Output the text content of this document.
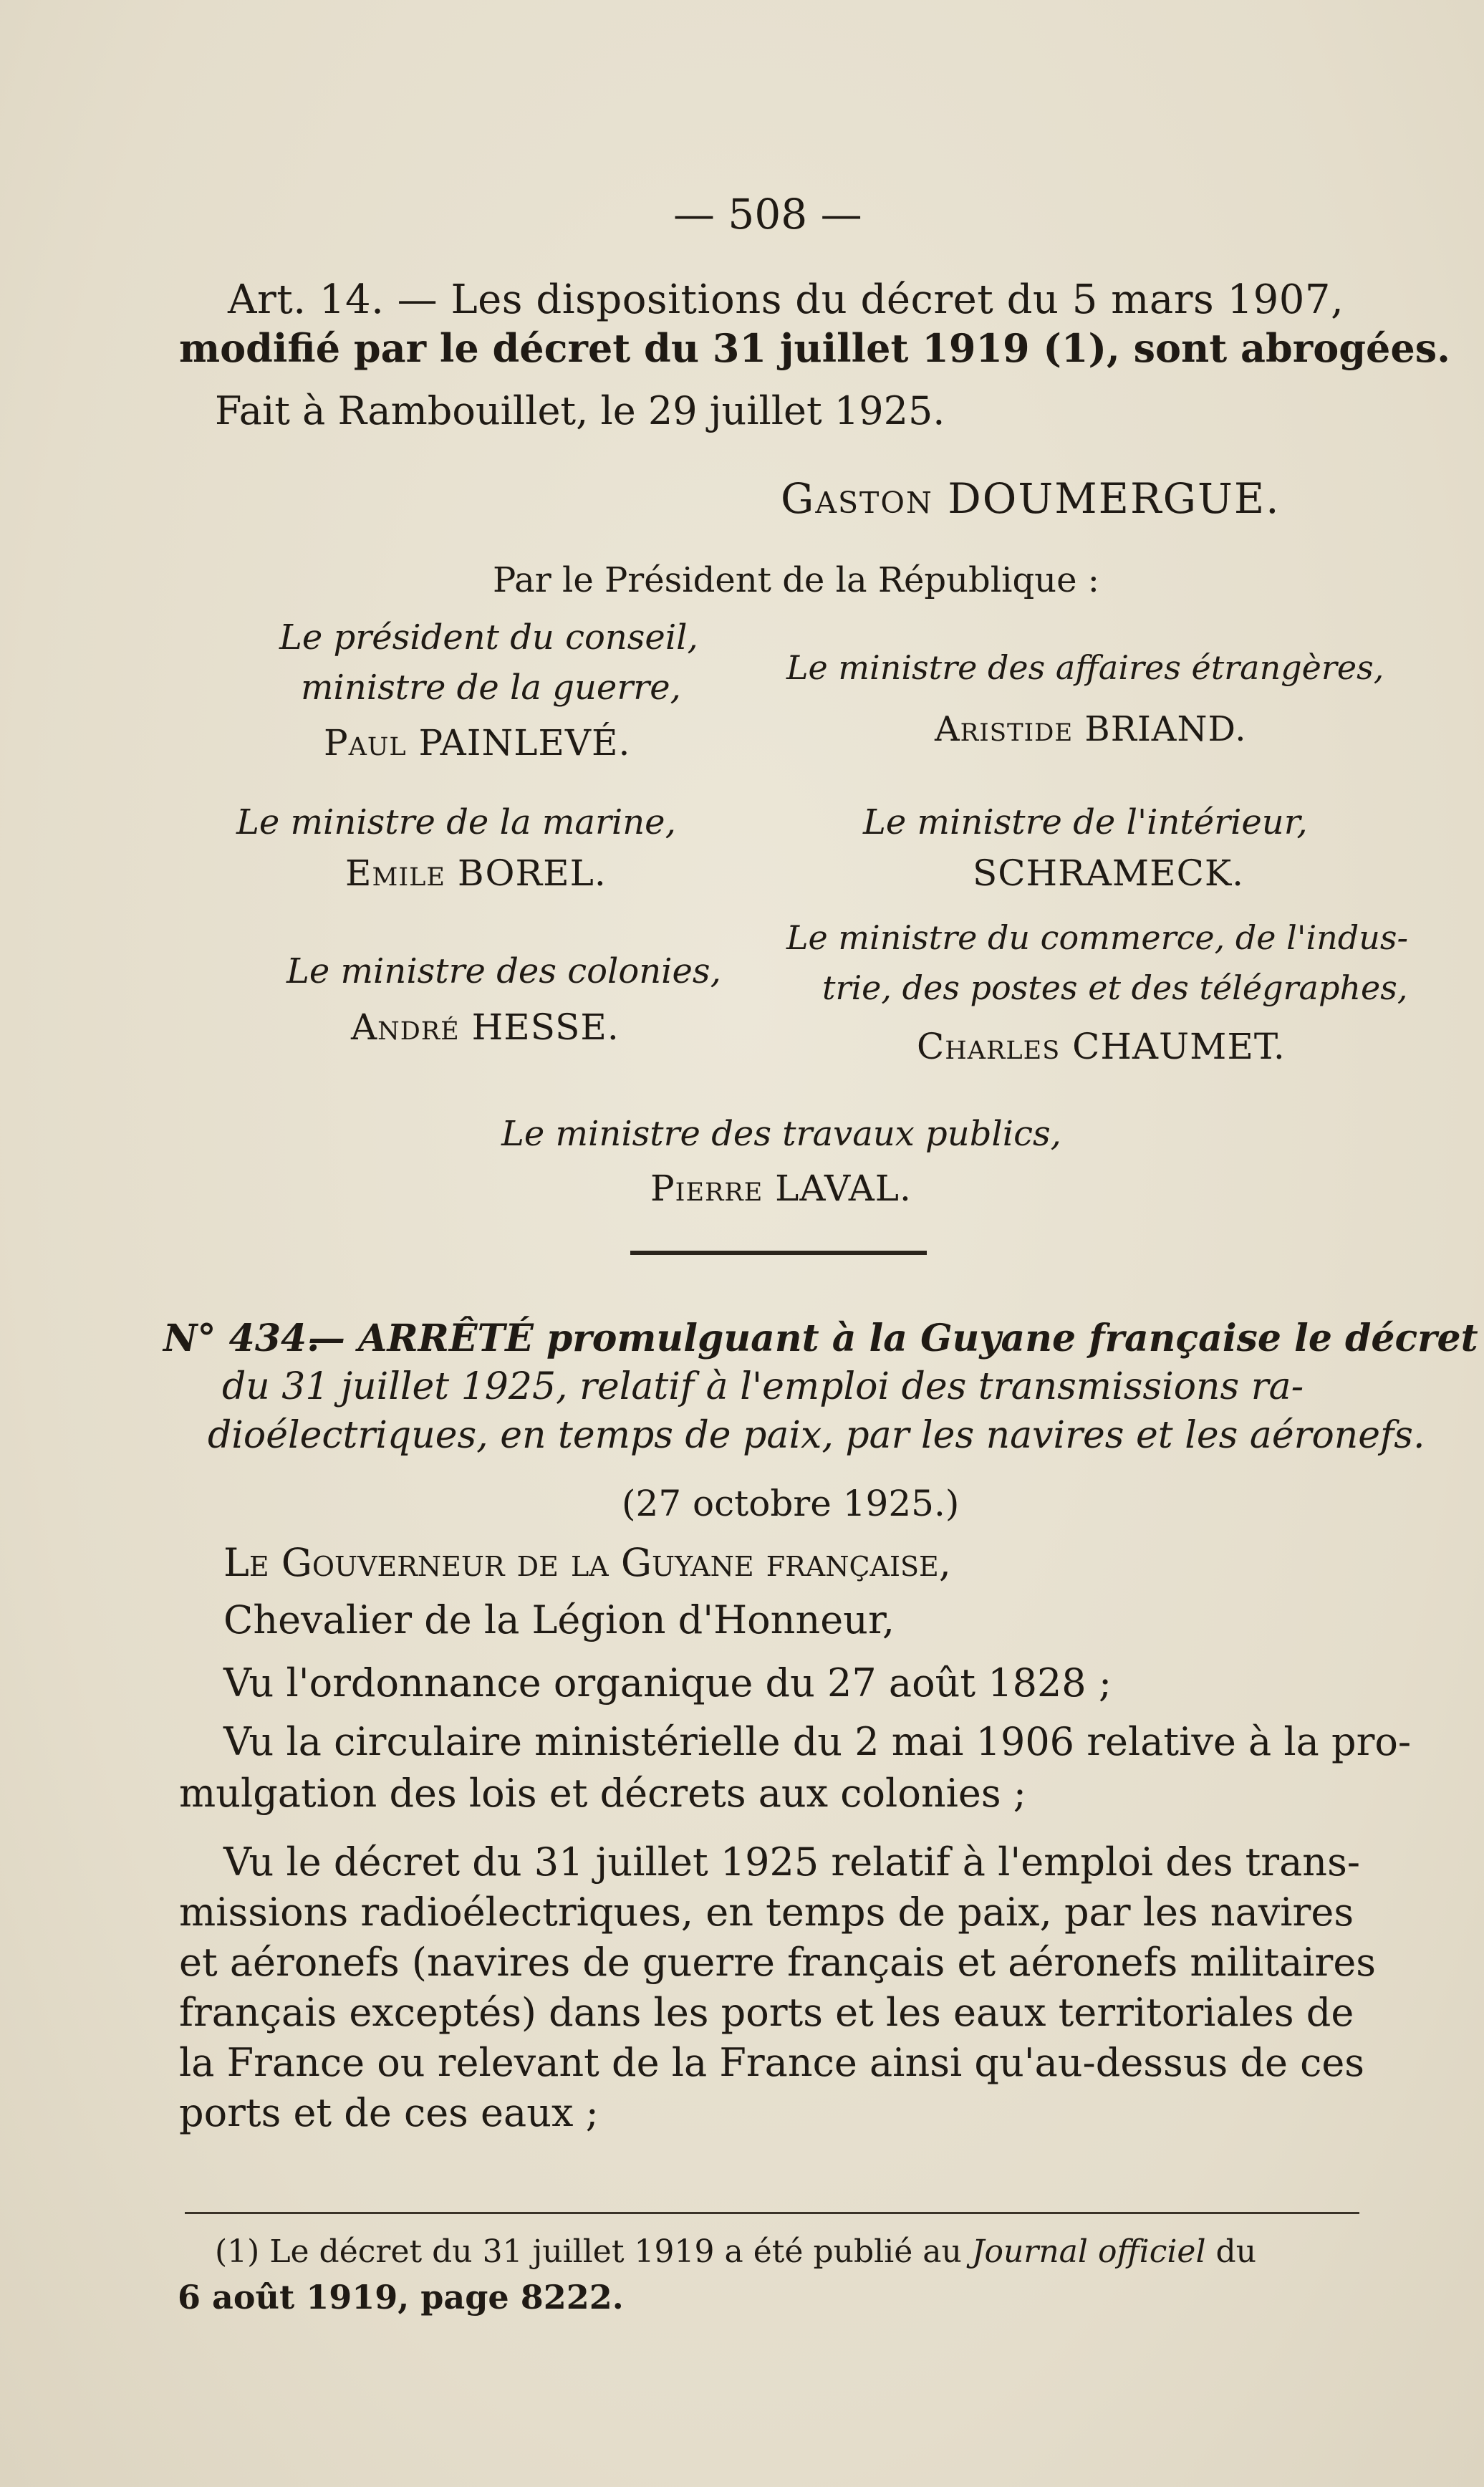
— 508 —
Art. 14. — Les dispositions du décret du 5 mars 1907,
modifié par le décret du 31 juillet 1919 (1), sont abrogées.
Fait à Rambouillet, le 29 juillet 1925.
Gaston DOUMERGUE.
Par le Président de la République :
Le président du conseil,
ministre de la guerre,
Paul PAINLEVÉ.
Le ministre de la marine,
Emile BOREL.
Le ministre des colonies,
André HESSE.
Le ministre des affaires étrangères,
Aristide BRIAND.
Le ministre de l'intérieur,
SCHRAMECK.
Le ministre du commerce, de l'indus-
trie, des postes et des télégraphes,
Charles CHAUMET.
Le ministre des travaux publics,
Pierre LAVAL.
N° 434.
— ARRÊTÉ promulguant à la Guyane française le décret
du 31 juillet 1925, relatif à l'emploi des transmissions ra-
dioélectriques, en temps de paix, par les navires et les aéronefs.
(27 octobre 1925.)
Le Gouverneur de la Guyane française,
Chevalier de la Légion d'Honneur,
Vu l'ordonnance organique du 27 août 1828 ;
Vu la circulaire ministérielle du 2 mai 1906 relative à la pro-
mulgation des lois et décrets aux colonies ;
Vu le décret du 31 juillet 1925 relatif à l'emploi des trans-
missions radioélectriques, en temps de paix, par les navires
et aéronefs (navires de guerre français et aéronefs militaires
français exceptés) dans les ports et les eaux territoriales de
la France ou relevant de la France ainsi qu'au-dessus de ces
ports et de ces eaux ;
(1) Le décret du 31 juillet 1919 a été publié au Journal officiel du
6 août 1919, page 8222.
